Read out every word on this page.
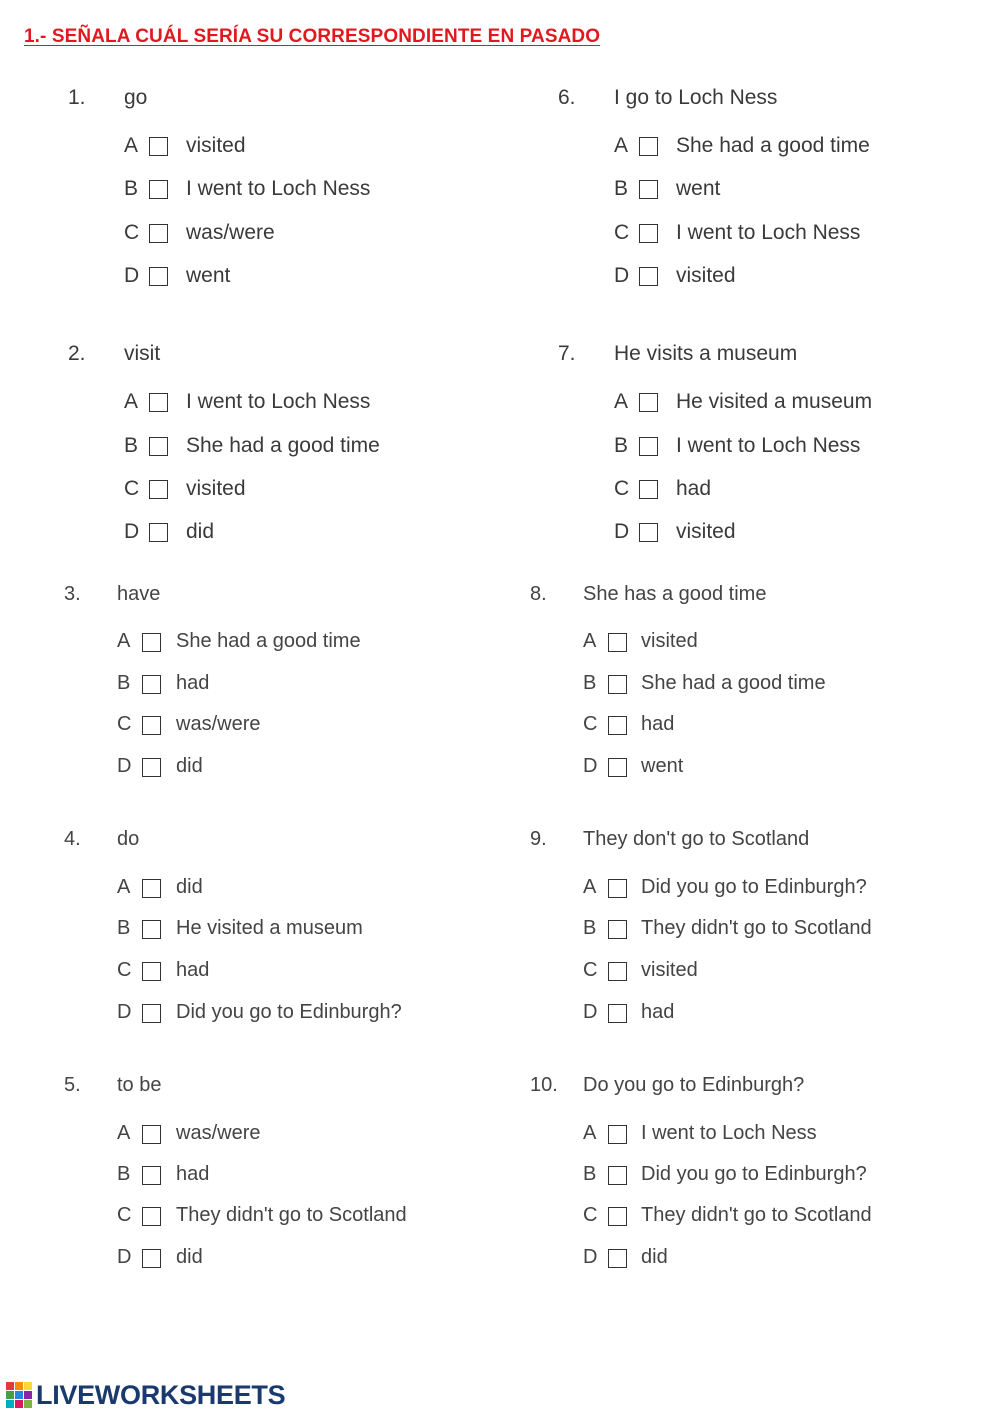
1.- SEÑALA CUÁL SERÍA SU CORRESPONDIENTE EN PASADO
1. go
A visited
B I went to Loch Ness
C was/were
D went
2. visit
A I went to Loch Ness
B She had a good time
C visited
D did
6. I go to Loch Ness
A She had a good time
B went
C I went to Loch Ness
D visited
7. He visits a museum
A He visited a museum
B I went to Loch Ness
C had
D visited
3. have
A She had a good time
B had
C was/were
D did
4. do
A did
B He visited a museum
C had
D Did you go to Edinburgh?
5. to be
A was/were
B had
C They didn't go to Scotland
D did
8. She has a good time
A visited
B She had a good time
C had
D went
9. They don't go to Scotland
A Did you go to Edinburgh?
B They didn't go to Scotland
C visited
D had
10. Do you go to Edinburgh?
A I went to Loch Ness
B Did you go to Edinburgh?
C They didn't go to Scotland
D did
LIVEWORKSHEETS
